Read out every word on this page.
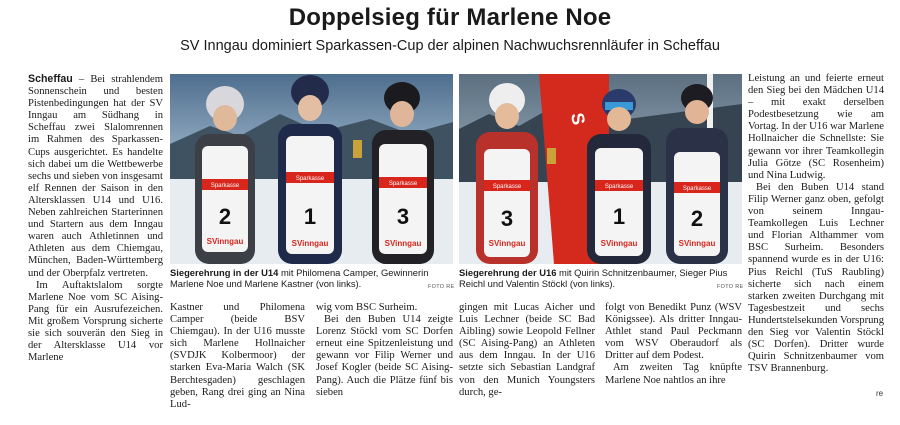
Doppelsieg für Marlene Noe
SV Inngau dominiert Sparkassen-Cup der alpinen Nachwuchsrennläufer in Scheffau

Scheffau – Bei strahlendem Sonnenschein und besten Pistenbedingungen hat der SV Inngau am Südhang in Scheffau zwei Slalomrennen im Rahmen des Sparkassen-Cups ausgerichtet. Es handelte sich dabei um die Wettbewerbe sechs und sieben von insgesamt elf Rennen der Saison in den Altersklassen U14 und U16. Neben zahlreichen Starterinnen und Startern aus dem Inngau waren auch Athletinnen und Athleten aus dem Chiemgau, München, Baden-Württemberg und der Oberpfalz vertreten.

Im Auftaktslalom sorgte Marlene Noe vom SC Aising-Pang für ein Ausrufezeichen. Mit großem Vorsprung sicherte sie sich souverän den Sieg in der Altersklasse U14 vor Marlene

Sparkasse
2
SVinngau
Sparkasse
1
SVinngau
Sparkasse
3
SVinngau
Siegerehrung in der U14 mit Philomena Camper, Gewinnerin Marlene Noe und Marlene Kastner (von links).	FOTO RE

Kastner und Philomena Camper (beide BSV Chiemgau). In der U16 musste sich Marlene Hollnaicher (SVDJK Kolbermoor) der starken Eva-Maria Walch (SK Berchtesgaden) geschlagen geben, Rang drei ging an Nina Lud-

wig vom BSC Surheim.

Bei den Buben U14 zeigte Lorenz Stöckl vom SC Dorfen erneut eine Spitzenleistung und gewann vor Filip Werner und Josef Kogler (beide SC Aising-Pang). Auch die Plätze fünf bis sieben

S
Sparkasse
3
SVinngau
Sparkasse
1
SVinngau
Sparkasse
2
SVinngau
Siegerehrung der U16 mit Quirin Schnitzenbaumer, Sieger Pius Reichl und Valentin Stöckl (von links).	FOTO RE

gingen mit Lucas Aicher und Luis Lechner (beide SC Bad Aibling) sowie Leopold Fellner (SC Aising-Pang) an Athleten aus dem Inngau. In der U16 setzte sich Sebastian Landgraf von den Munich Youngsters durch, ge-

folgt von Benedikt Punz (WSV Königssee). Als dritter Inngau-Athlet stand Paul Peckmann vom WSV Oberaudorf als Dritter auf dem Podest.

Am zweiten Tag knüpfte Marlene Noe nahtlos an ihre

Leistung an und feierte erneut den Sieg bei den Mädchen U14 – mit exakt derselben Podestbesetzung wie am Vortag. In der U16 war Marlene Hollnaicher die Schnellste: Sie gewann vor ihrer Teamkollegin Julia Götze (SC Rosenheim) und Nina Ludwig.

Bei den Buben U14 stand Filip Werner ganz oben, gefolgt von seinem Inngau-Teamkollegen Luis Lechner und Florian Althammer vom BSC Surheim. Besonders spannend wurde es in der U16: Pius Reichl (TuS Raubling) sicherte sich nach einem starken zweiten Durchgang mit Tagesbestzeit und sechs Hundertstelsekunden Vorsprung den Sieg vor Valentin Stöckl (SC Dorfen). Dritter wurde Quirin Schnitzenbaumer vom TSV Brannenburg.

re
